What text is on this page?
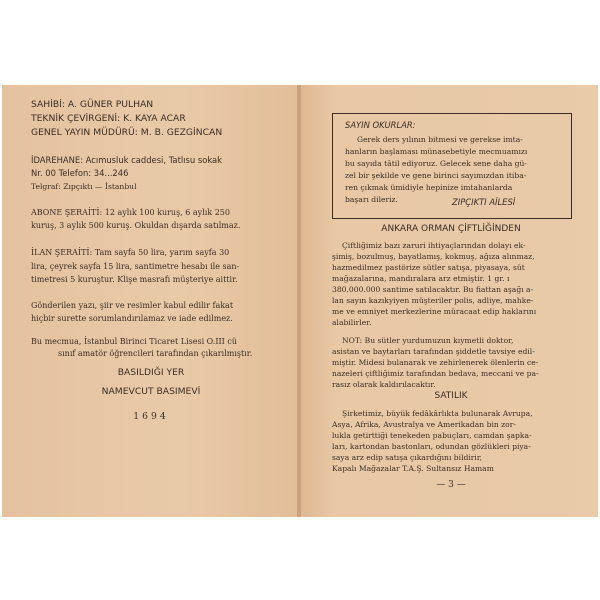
SAHİBİ: A. GÜNER PULHAN
TEKNİK ÇEVİRGENİ: K. KAYA ACAR
GENEL YAYIN MÜDÜRÜ: M. B. GEZGİNCAN
İDAREHANE: Acımusluk caddesi, Tatlısu sokak
Nr. 00 Telefon: 34...246
Telgraf: Zıpçıktı — İstanbul
ABONE ŞERAİTİ: 12 aylık 100 kuruş, 6 aylık 250
kuruş, 3 aylık 500 kuruş. Okuldan dışarda satılmaz.
İLAN ŞERAİTİ: Tam sayfa 50 lira, yarım sayfa 30
lira, çeyrek sayfa 15 lira, santimetre hesabı ile san-
timetresi 5 kuruştur. Klişe masrafı müşteriye aittir.
Gönderilen yazı, şiir ve resimler kabul edilir fakat
hiçbir surette sorumlandırılamaz ve iade edilmez.
Bu mecmua, İstanbul Birinci Ticaret Lisesi O.III cü
sınıf amatör öğrencileri tarafından çıkarılmıştır.
BASILDIĞI YER
NAMEVCUT BASIMEVİ
1694
SAYIN OKURLAR:
Gerek ders yılının bitmesi ve gerekse imta-
hanların başlaması münasebetiyle mecmuamızı
bu sayıda tâtil ediyoruz. Gelecek sene daha gü-
zel bir şekilde ve gene birinci sayımızdan itiba-
ren çıkmak ümidiyle hepinize imtahanlarda
başarı dileriz.	ZIPÇIKTI AİLESİ
ANKARA ORMAN ÇİFTLİĞİNDEN
Çiftliğimiz bazı zaruri ihtiyaçlarından dolayı ek-
şimiş, bozulmuş, bayatlamış, kokmuş, ağıza alınmaz,
hazmedilmez pastörize sütler satışa, piyasaya, süt
mağazalarına, mandıralara arz etmiştir. 1 gr. ı
380.000.000 santime satılacaktır. Bu fiattan aşağı a-
lan sayın kazıkyiyen müşteriler polis, adliye, mahke-
me ve emniyet merkezlerine müracaat edip haklarını
alabilirler.
NOT: Bu sütler yurdumuzun kıymetli doktor,
asistan ve baytarları tarafından şiddetle tavsiye edil-
miştir. Midesi bulanarak ve zehirlenerek ölenlerin ce-
nazeleri çiftliğimiz tarafından bedava, meccani ve pa-
rasız olarak kaldırılacaktır.
SATILIK
Şirketimiz, büyük fedâkârlıkta bulunarak Avrupa,
Asya, Afrika, Avustralya ve Amerikadan bin zor-
lukla getirttiği tenekeden pabuçları, camdan şapka-
ları, kartondan bastonları, odundan gözlükleri piya-
saya arz edip satışa çıkardığını bildirir,
Kapalı Mağazalar T.A.Ş. Sultansız Hamam
— 3 —
